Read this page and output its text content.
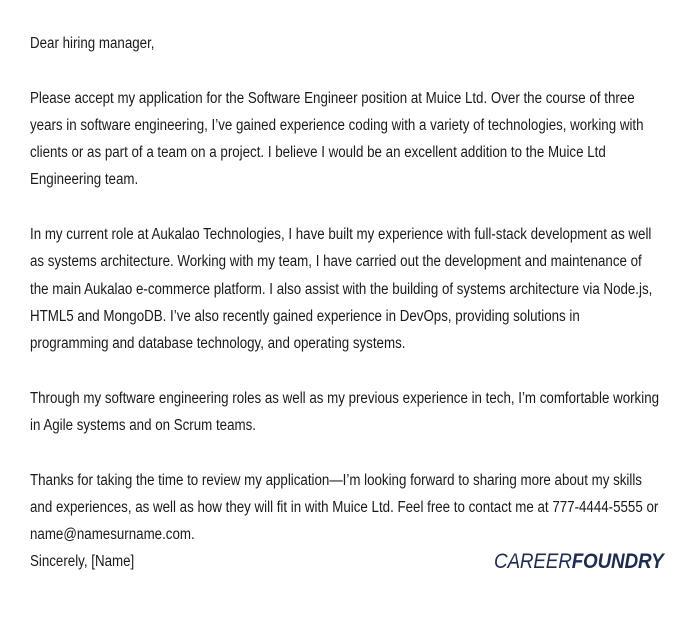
Dear hiring manager,

Please accept my application for the Software Engineer position at Muice Ltd. Over the course of three years in software engineering, I’ve gained experience coding with a variety of technologies, working with clients or as part of a team on a project. I believe I would be an excellent addition to the Muice Ltd Engineering team.

In my current role at Aukalao Technologies, I have built my experience with full-stack development as well as systems architecture. Working with my team, I have carried out the development and maintenance of the main Aukalao e-commerce platform. I also assist with the building of systems architecture via Node.js, HTML5 and MongoDB. I’ve also recently gained experience in DevOps, providing solutions in programming and database technology, and operating systems.

Through my software engineering roles as well as my previous experience in tech, I’m comfortable working in Agile systems and on Scrum teams.

Thanks for taking the time to review my application—I’m looking forward to sharing more about my skills and experiences, as well as how they will fit in with Muice Ltd. Feel free to contact me at 777-4444-5555 or name@namesurname.com.

Sincerely, [Name]	CAREERFOUNDRY
